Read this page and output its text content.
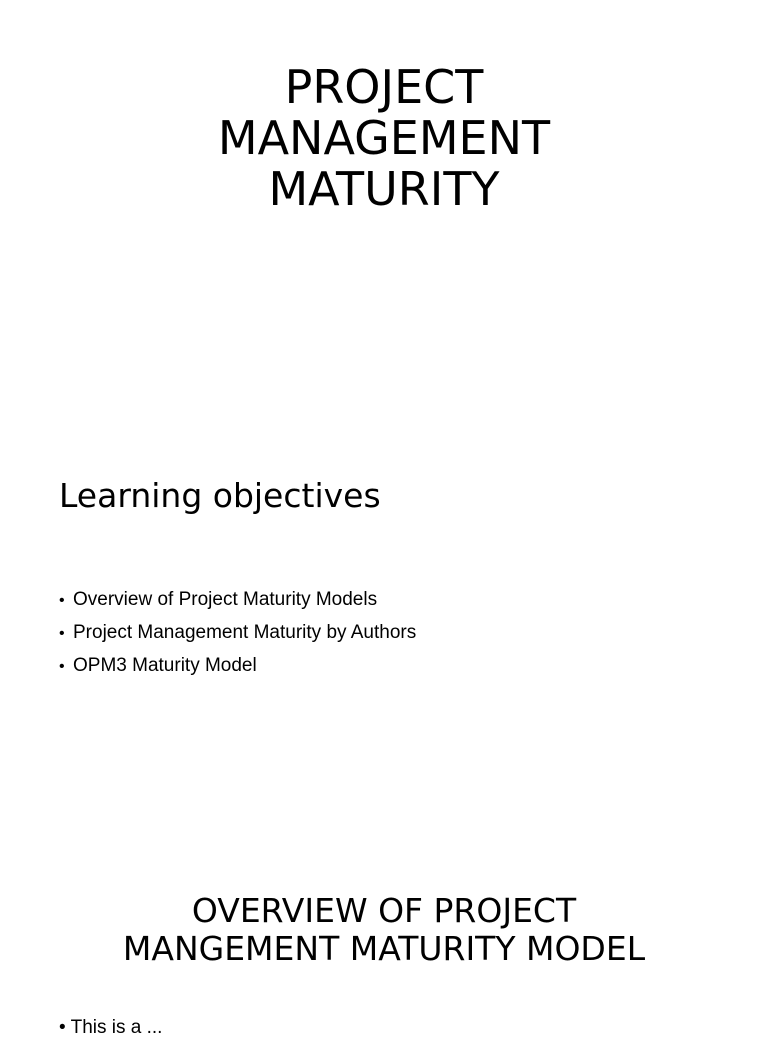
PROJECT
MANAGEMENT
MATURITY
Learning objectives
• Overview of Project Maturity Models
• Project Management Maturity by Authors
• OPM3 Maturity Model
OVERVIEW OF PROJECT
MANGEMENT MATURITY MODEL
• This is a ...
